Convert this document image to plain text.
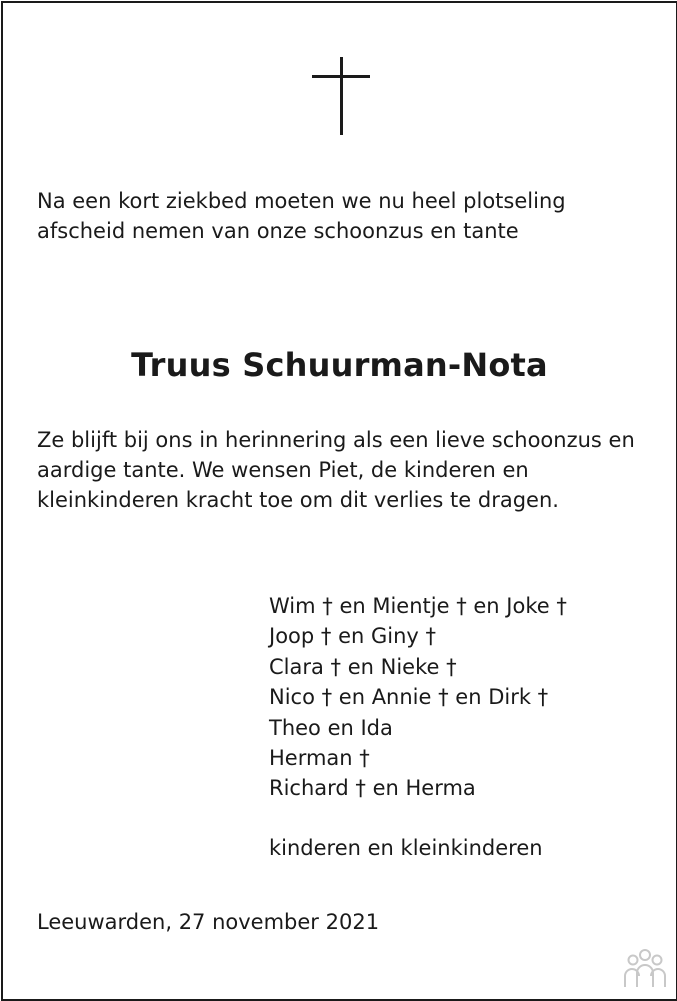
Na een kort ziekbed moeten we nu heel plotseling
afscheid nemen van onze schoonzus en tante
Truus Schuurman-Nota
Ze blijft bij ons in herinnering als een lieve schoonzus en
aardige tante. We wensen Piet, de kinderen en
kleinkinderen kracht toe om dit verlies te dragen.
Wim † en Mientje † en Joke †
Joop † en Giny †
Clara † en Nieke †
Nico † en Annie † en Dirk †
Theo en Ida
Herman †
Richard † en Herma
kinderen en kleinkinderen
Leeuwarden, 27 november 2021
